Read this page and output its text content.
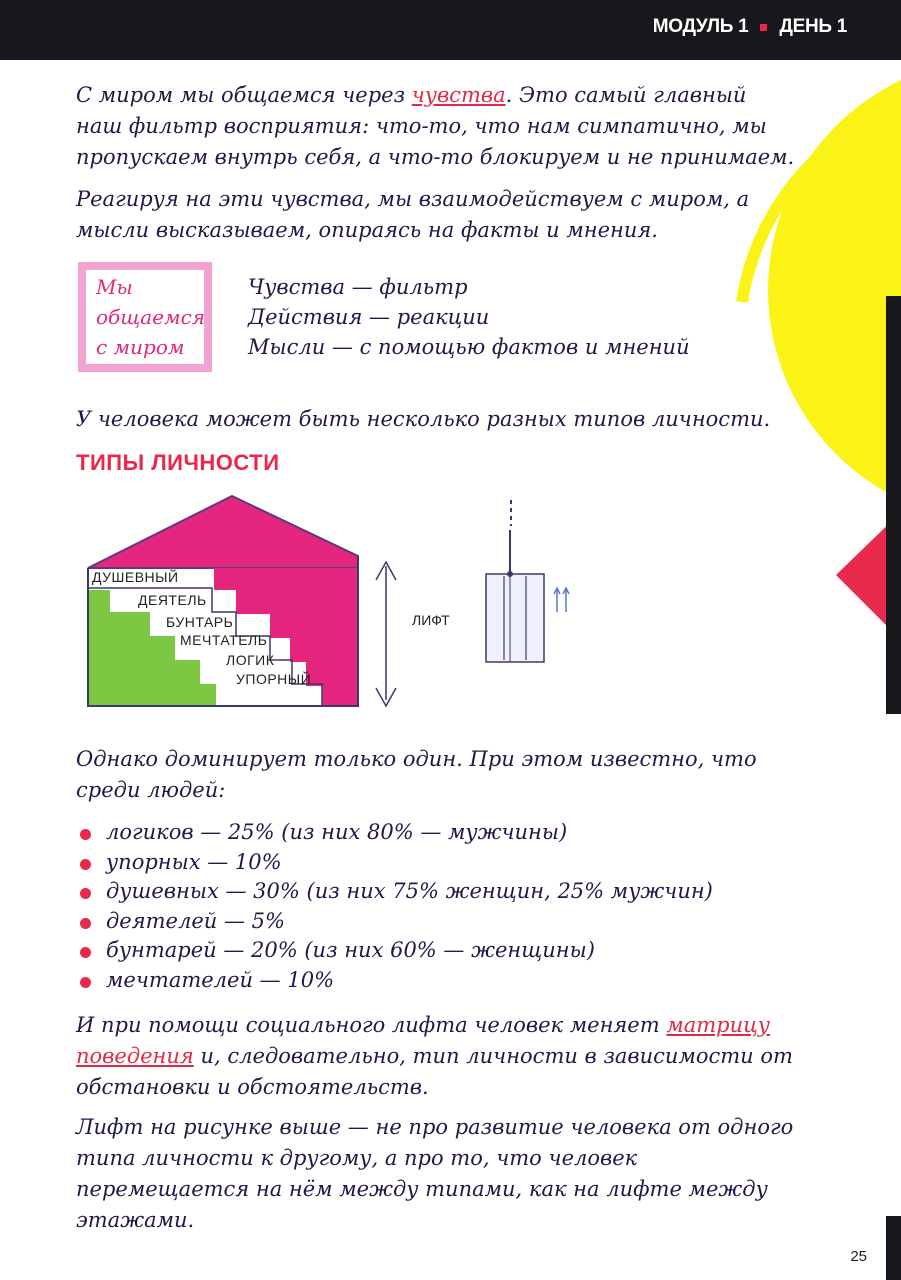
МОДУЛЬ 1 ДЕНЬ 1

С миром мы общаемся через чувства. Это самый главный наш фильтр восприятия: что-то, что нам симпатично, мы пропускаем внутрь себя, а что-то блокируем и не принимаем.

Реагируя на эти чувства, мы взаимодействуем с миром, а мысли высказываем, опираясь на факты и мнения.

Мы
общаемся
с миром
Чувства — фильтр
Действия — реакции
Мысли — с помощью фактов и мнений

У человека может быть несколько разных типов личности.

ТИПЫ ЛИЧНОСТИ
ДУШЕВНЫЙ
ДЕЯТЕЛЬ
БУНТАРЬ
МЕЧТАТЕЛЬ
ЛОГИК
УПОРНЫЙ
ЛИФТ

Однако доминирует только один. При этом известно, что среди людей:

логиков — 25% (из них 80% — мужчины)
упорных — 10%
душевных — 30% (из них 75% женщин, 25% мужчин)
деятелей — 5%
бунтарей — 20% (из них 60% — женщины)
мечтателей — 10%

И при помощи социального лифта человек меняет матрицу поведения и, следовательно, тип личности в зависимости от обстановки и обстоятельств.

Лифт на рисунке выше — не про развитие человека от одного типа личности к другому, а про то, что человек перемещается на нём между типами, как на лифте между этажами.

25
